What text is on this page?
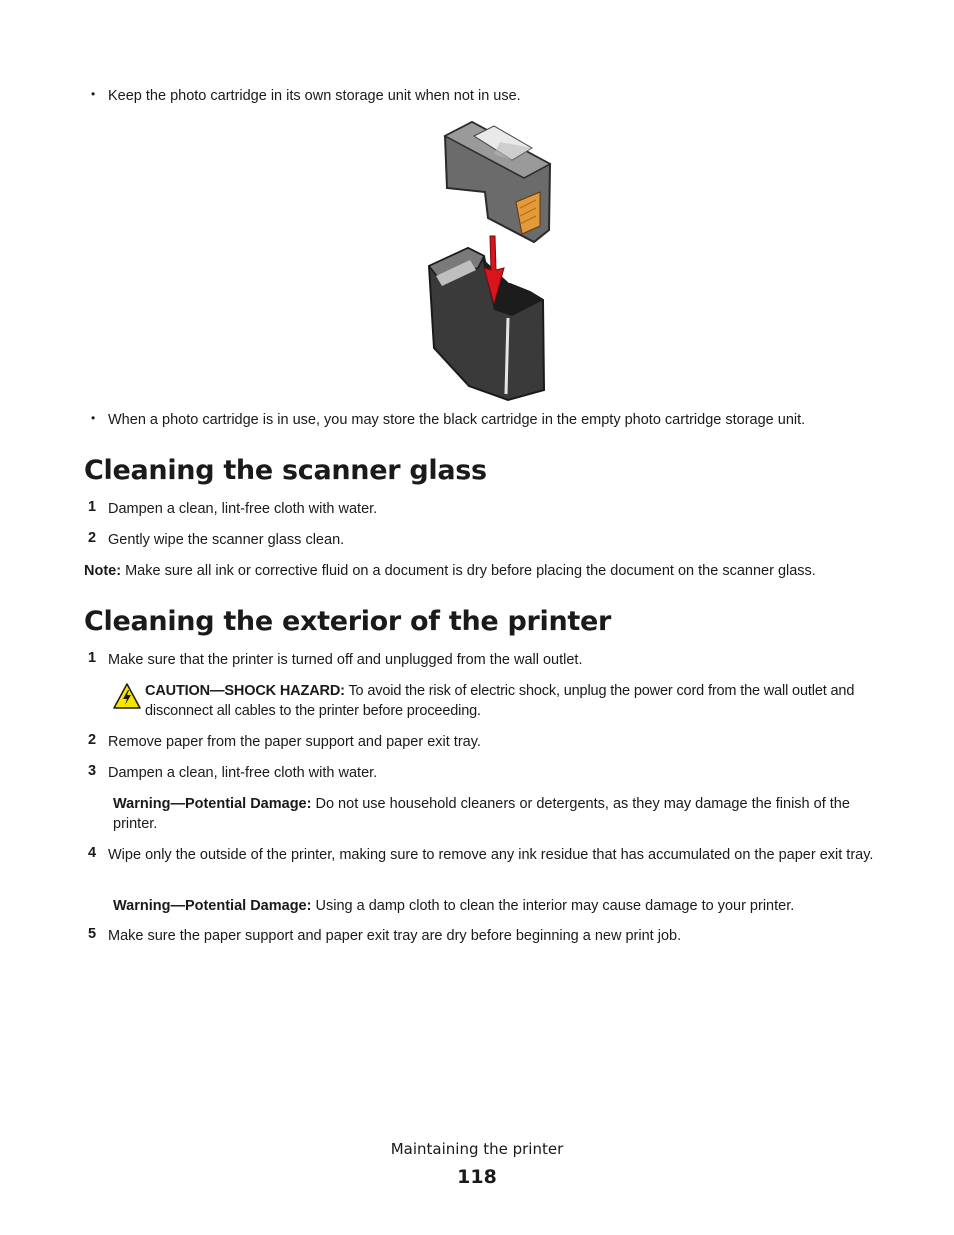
• Keep the photo cartridge in its own storage unit when not in use.
• When a photo cartridge is in use, you may store the black cartridge in the empty photo cartridge storage unit.
Cleaning the scanner glass
1 Dampen a clean, lint-free cloth with water.
2 Gently wipe the scanner glass clean.
Note: Make sure all ink or corrective fluid on a document is dry before placing the document on the scanner glass.
Cleaning the exterior of the printer
1 Make sure that the printer is turned off and unplugged from the wall outlet.
CAUTION—SHOCK HAZARD: To avoid the risk of electric shock, unplug the power cord from the wall outlet and disconnect all cables to the printer before proceeding.
2 Remove paper from the paper support and paper exit tray.
3 Dampen a clean, lint-free cloth with water.
Warning—Potential Damage: Do not use household cleaners or detergents, as they may damage the finish of the printer.
4 Wipe only the outside of the printer, making sure to remove any ink residue that has accumulated on the paper exit tray.
Warning—Potential Damage: Using a damp cloth to clean the interior may cause damage to your printer.
5 Make sure the paper support and paper exit tray are dry before beginning a new print job.
Maintaining the printer
118
